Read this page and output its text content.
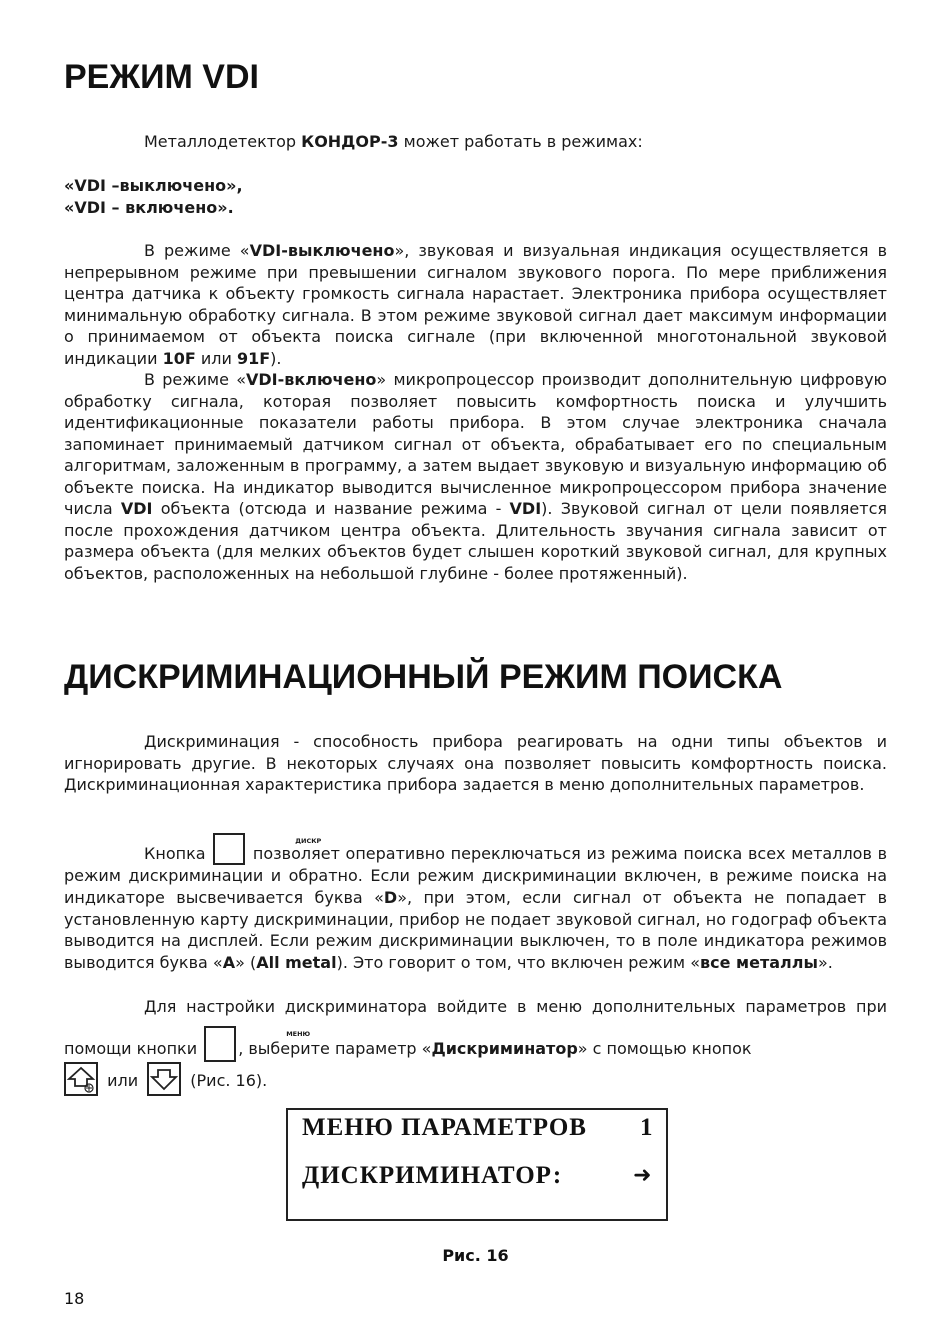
РЕЖИМ VDI

Металлодетектор КОНДОР-3 может работать в режимах:

«VDI –выключено»,

«VDI – включено».

В режиме «VDI-выключено», звуковая и визуальная индикация осуществляется в непрерывном режиме при превышении сигналом звукового порога. По мере приближения центра датчика к объекту громкость сигнала нарастает. Электроника прибора осуществляет минимальную обработку сигнала. В этом режиме звуковой сигнал дает максимум информации о принимаемом от объекта поиска сигнале (при включенной многотональной звуковой индикации 10F или 91F).

В режиме «VDI-включено» микропроцессор производит дополнительную цифровую обработку сигнала, которая позволяет повысить комфортность поиска и улучшить идентификационные показатели работы прибора. В этом случае электроника сначала запоминает принимаемый датчиком сигнал от объекта, обрабатывает его по специальным алгоритмам, заложенным в программу, а затем выдает звуковую и визуальную информацию об объекте поиска. На индикатор выводится вычисленное микропроцессором прибора значение числа VDI объекта (отсюда и название режима - VDI). Звуковой сигнал от цели появляется после прохождения датчиком центра объекта. Длительность звучания сигнала зависит от размера объекта (для мелких объектов будет слышен короткий звуковой сигнал, для крупных объектов, расположенных на небольшой глубине - более протяженный).

ДИСКРИМИНАЦИОННЫЙ РЕЖИМ ПОИСКА

Дискриминация - способность прибора реагировать на одни типы объектов и игнорировать другие. В некоторых случаях она позволяет повысить комфортность поиска. Дискриминационная характеристика прибора задается в меню дополнительных параметров.

Кнопка
ДИСКР
позволяет оперативно переключаться из режима поиска всех металлов в режим дискриминации и обратно. Если режим дискриминации включен, в режиме поиска на индикаторе высвечивается буква «D», при этом, если сигнал от объекта не попадает в установленную карту дискриминации, прибор не подает звуковой сигнал, но годограф объекта выводится на дисплей. Если режим дискриминации выключен, то в поле индикатора режимов выводится буква «A» (All metal). Это говорит о том, что включен режим «все металлы».

Для настройки дискриминатора войдите в меню дополнительных параметров при помощи кнопки
МЕНЮ
, выберите параметр «Дискриминатор» с помощью кнопок

или	(Рис. 16).
МЕНЮ ПАРАМЕТРОВ 1
ДИСКРИМИНАТОР:	➜
Рис. 16
18
